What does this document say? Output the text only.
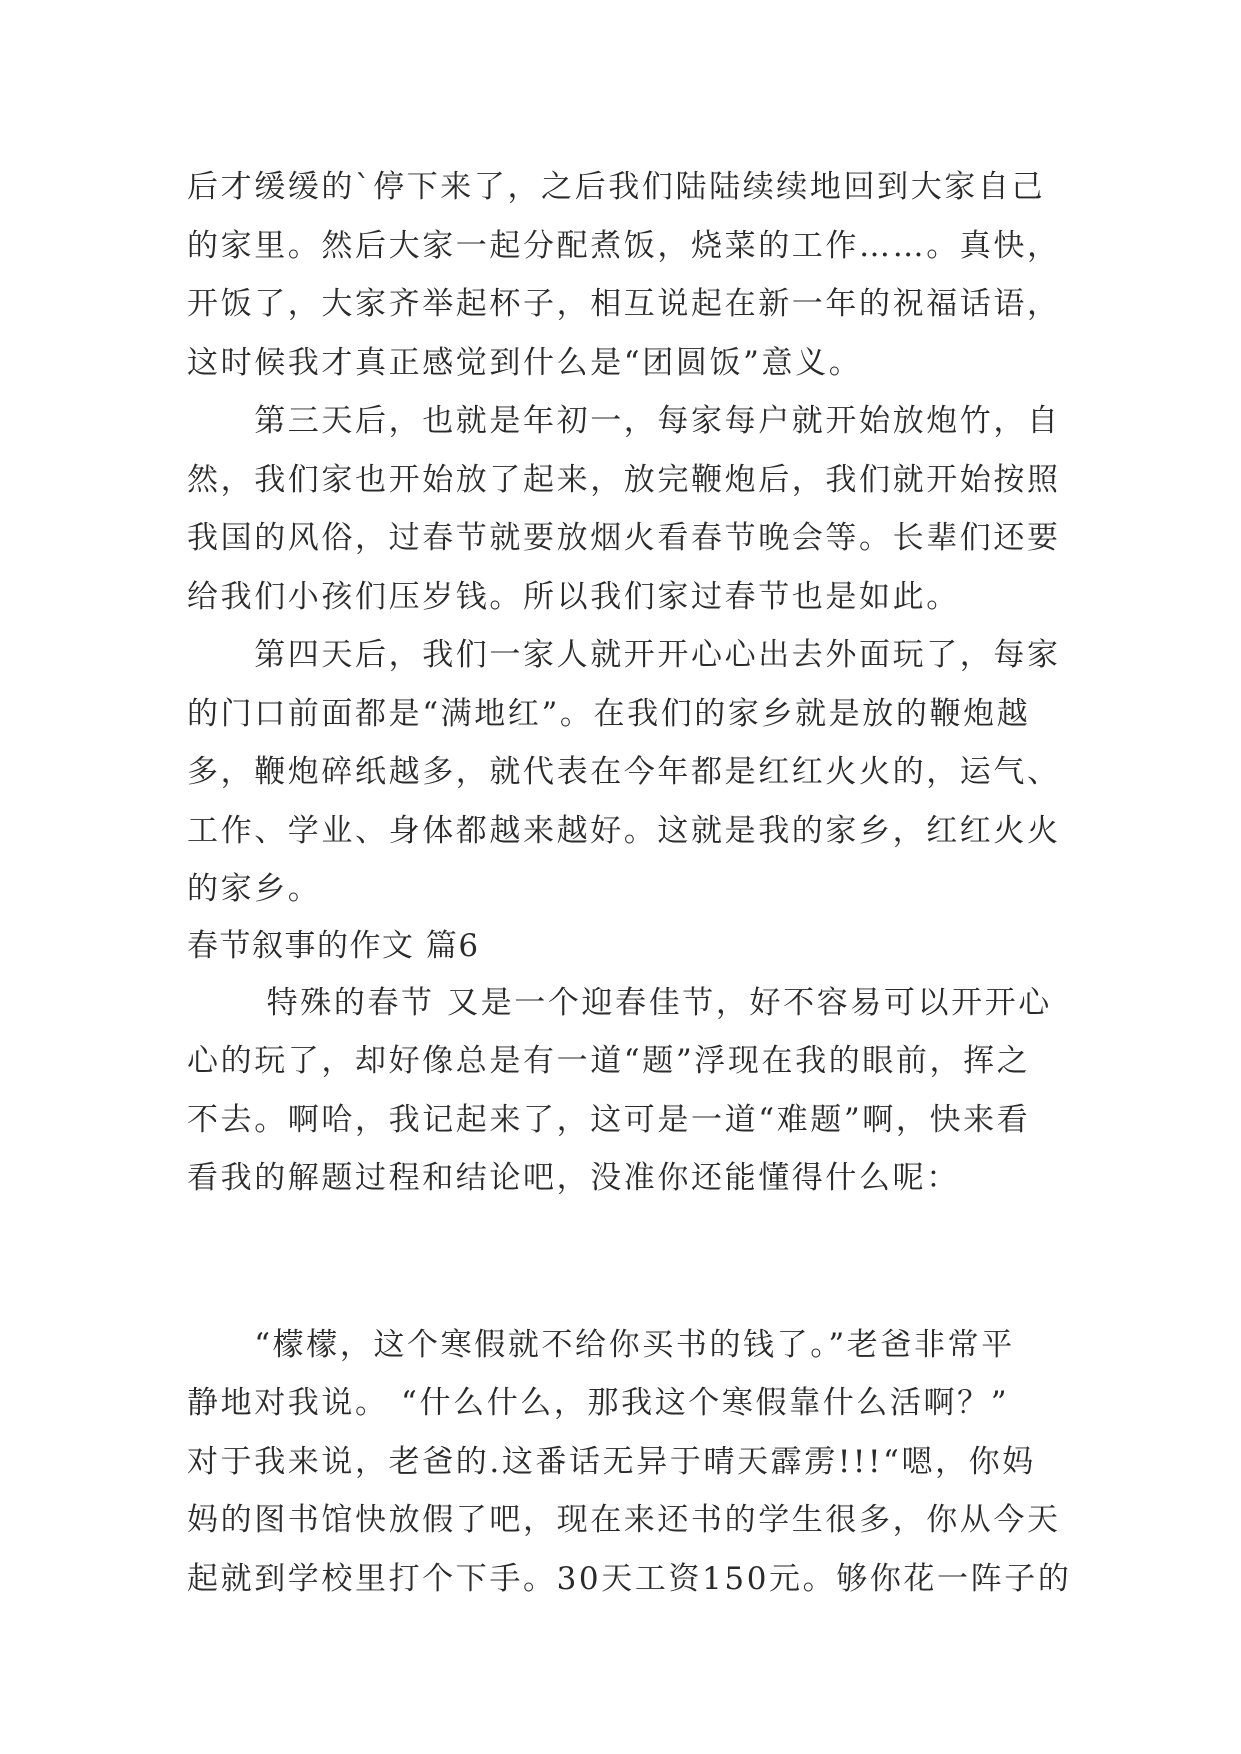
后才缓缓的`停下来了，之后我们陆陆续续地回到大家自己
的家里。然后大家一起分配煮饭，烧菜的工作……。真快，
开饭了，大家齐举起杯子，相互说起在新一年的祝福话语，
这时候我才真正感觉到什么是“团圆饭”意义。
　　第三天后，也就是年初一，每家每户就开始放炮竹，自
然，我们家也开始放了起来，放完鞭炮后，我们就开始按照
我国的风俗，过春节就要放烟火看春节晚会等。长辈们还要
给我们小孩们压岁钱。所以我们家过春节也是如此。
　　第四天后，我们一家人就开开心心出去外面玩了，每家
的门口前面都是“满地红”。在我们的家乡就是放的鞭炮越
多，鞭炮碎纸越多，就代表在今年都是红红火火的，运气、
工作、学业、身体都越来越好。这就是我的家乡，红红火火
的家乡。
春节叙事的作文 篇6
　　 特殊的春节 又是一个迎春佳节，好不容易可以开开心
心的玩了，却好像总是有一道“题”浮现在我的眼前，挥之
不去。啊哈，我记起来了，这可是一道“难题”啊，快来看
看我的解题过程和结论吧，没准你还能懂得什么呢：
　　“檬檬，这个寒假就不给你买书的钱了。”老爸非常平
静地对我说。 “什么什么，那我这个寒假靠什么活啊？”
对于我来说，老爸的.这番话无异于晴天霹雳!!!“嗯，你妈
妈的图书馆快放假了吧，现在来还书的学生很多，你从今天
起就到学校里打个下手。30天工资150元。够你花一阵子的
